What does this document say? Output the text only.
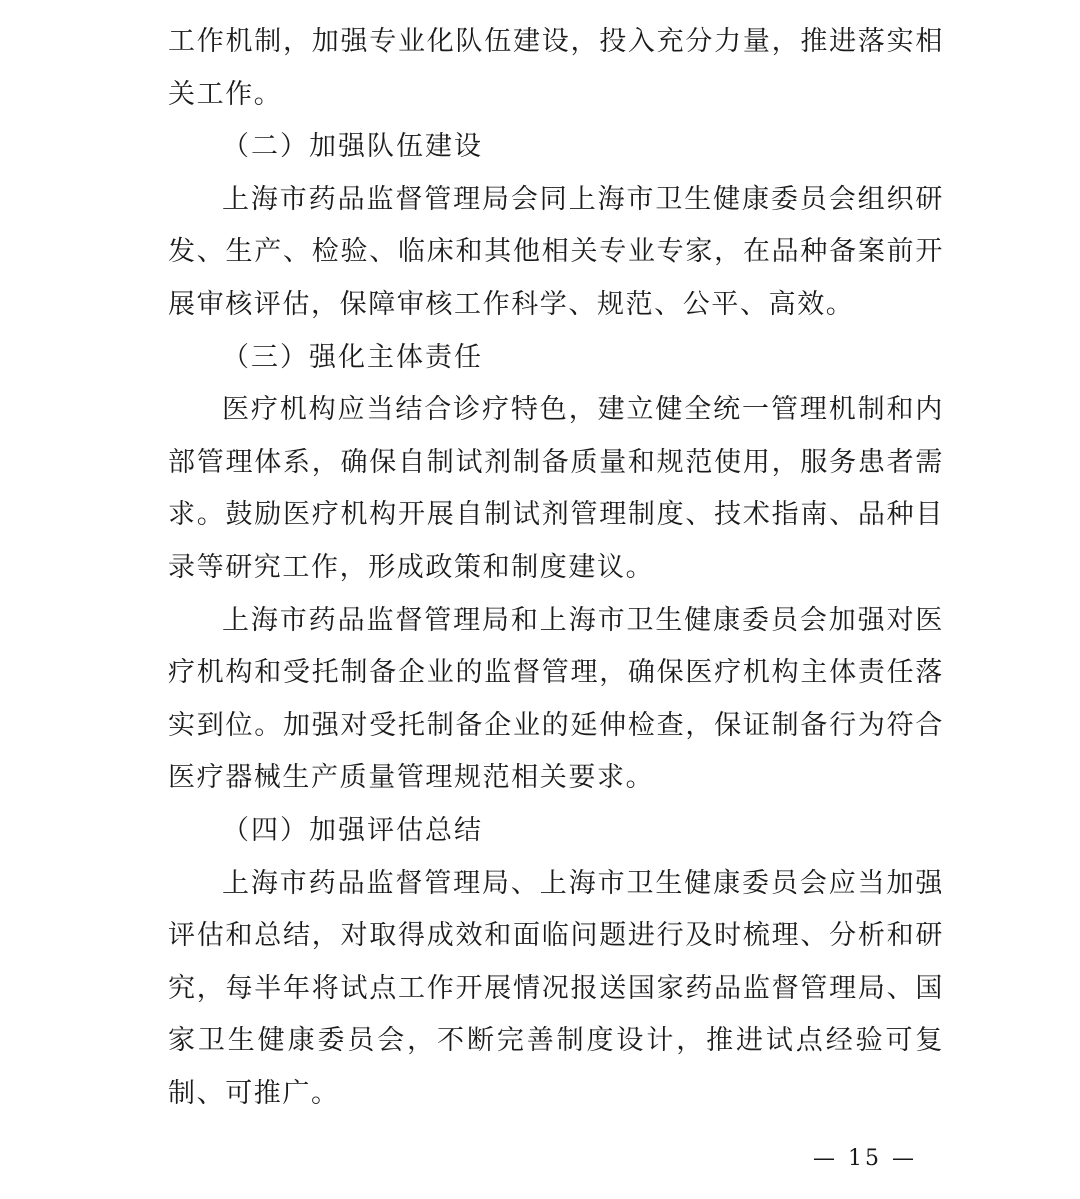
工作机制，加强专业化队伍建设，投入充分力量，推进落实相关工作。

（二）加强队伍建设

上海市药品监督管理局会同上海市卫生健康委员会组织研发、生产、检验、临床和其他相关专业专家，在品种备案前开展审核评估，保障审核工作科学、规范、公平、高效。

（三）强化主体责任

医疗机构应当结合诊疗特色，建立健全统一管理机制和内部管理体系，确保自制试剂制备质量和规范使用，服务患者需求。鼓励医疗机构开展自制试剂管理制度、技术指南、品种目录等研究工作，形成政策和制度建议。

上海市药品监督管理局和上海市卫生健康委员会加强对医疗机构和受托制备企业的监督管理，确保医疗机构主体责任落实到位。加强对受托制备企业的延伸检查，保证制备行为符合医疗器械生产质量管理规范相关要求。

（四）加强评估总结

上海市药品监督管理局、上海市卫生健康委员会应当加强评估和总结，对取得成效和面临问题进行及时梳理、分析和研究，每半年将试点工作开展情况报送国家药品监督管理局、国家卫生健康委员会，不断完善制度设计，推进试点经验可复制、可推广。

— 15 —
